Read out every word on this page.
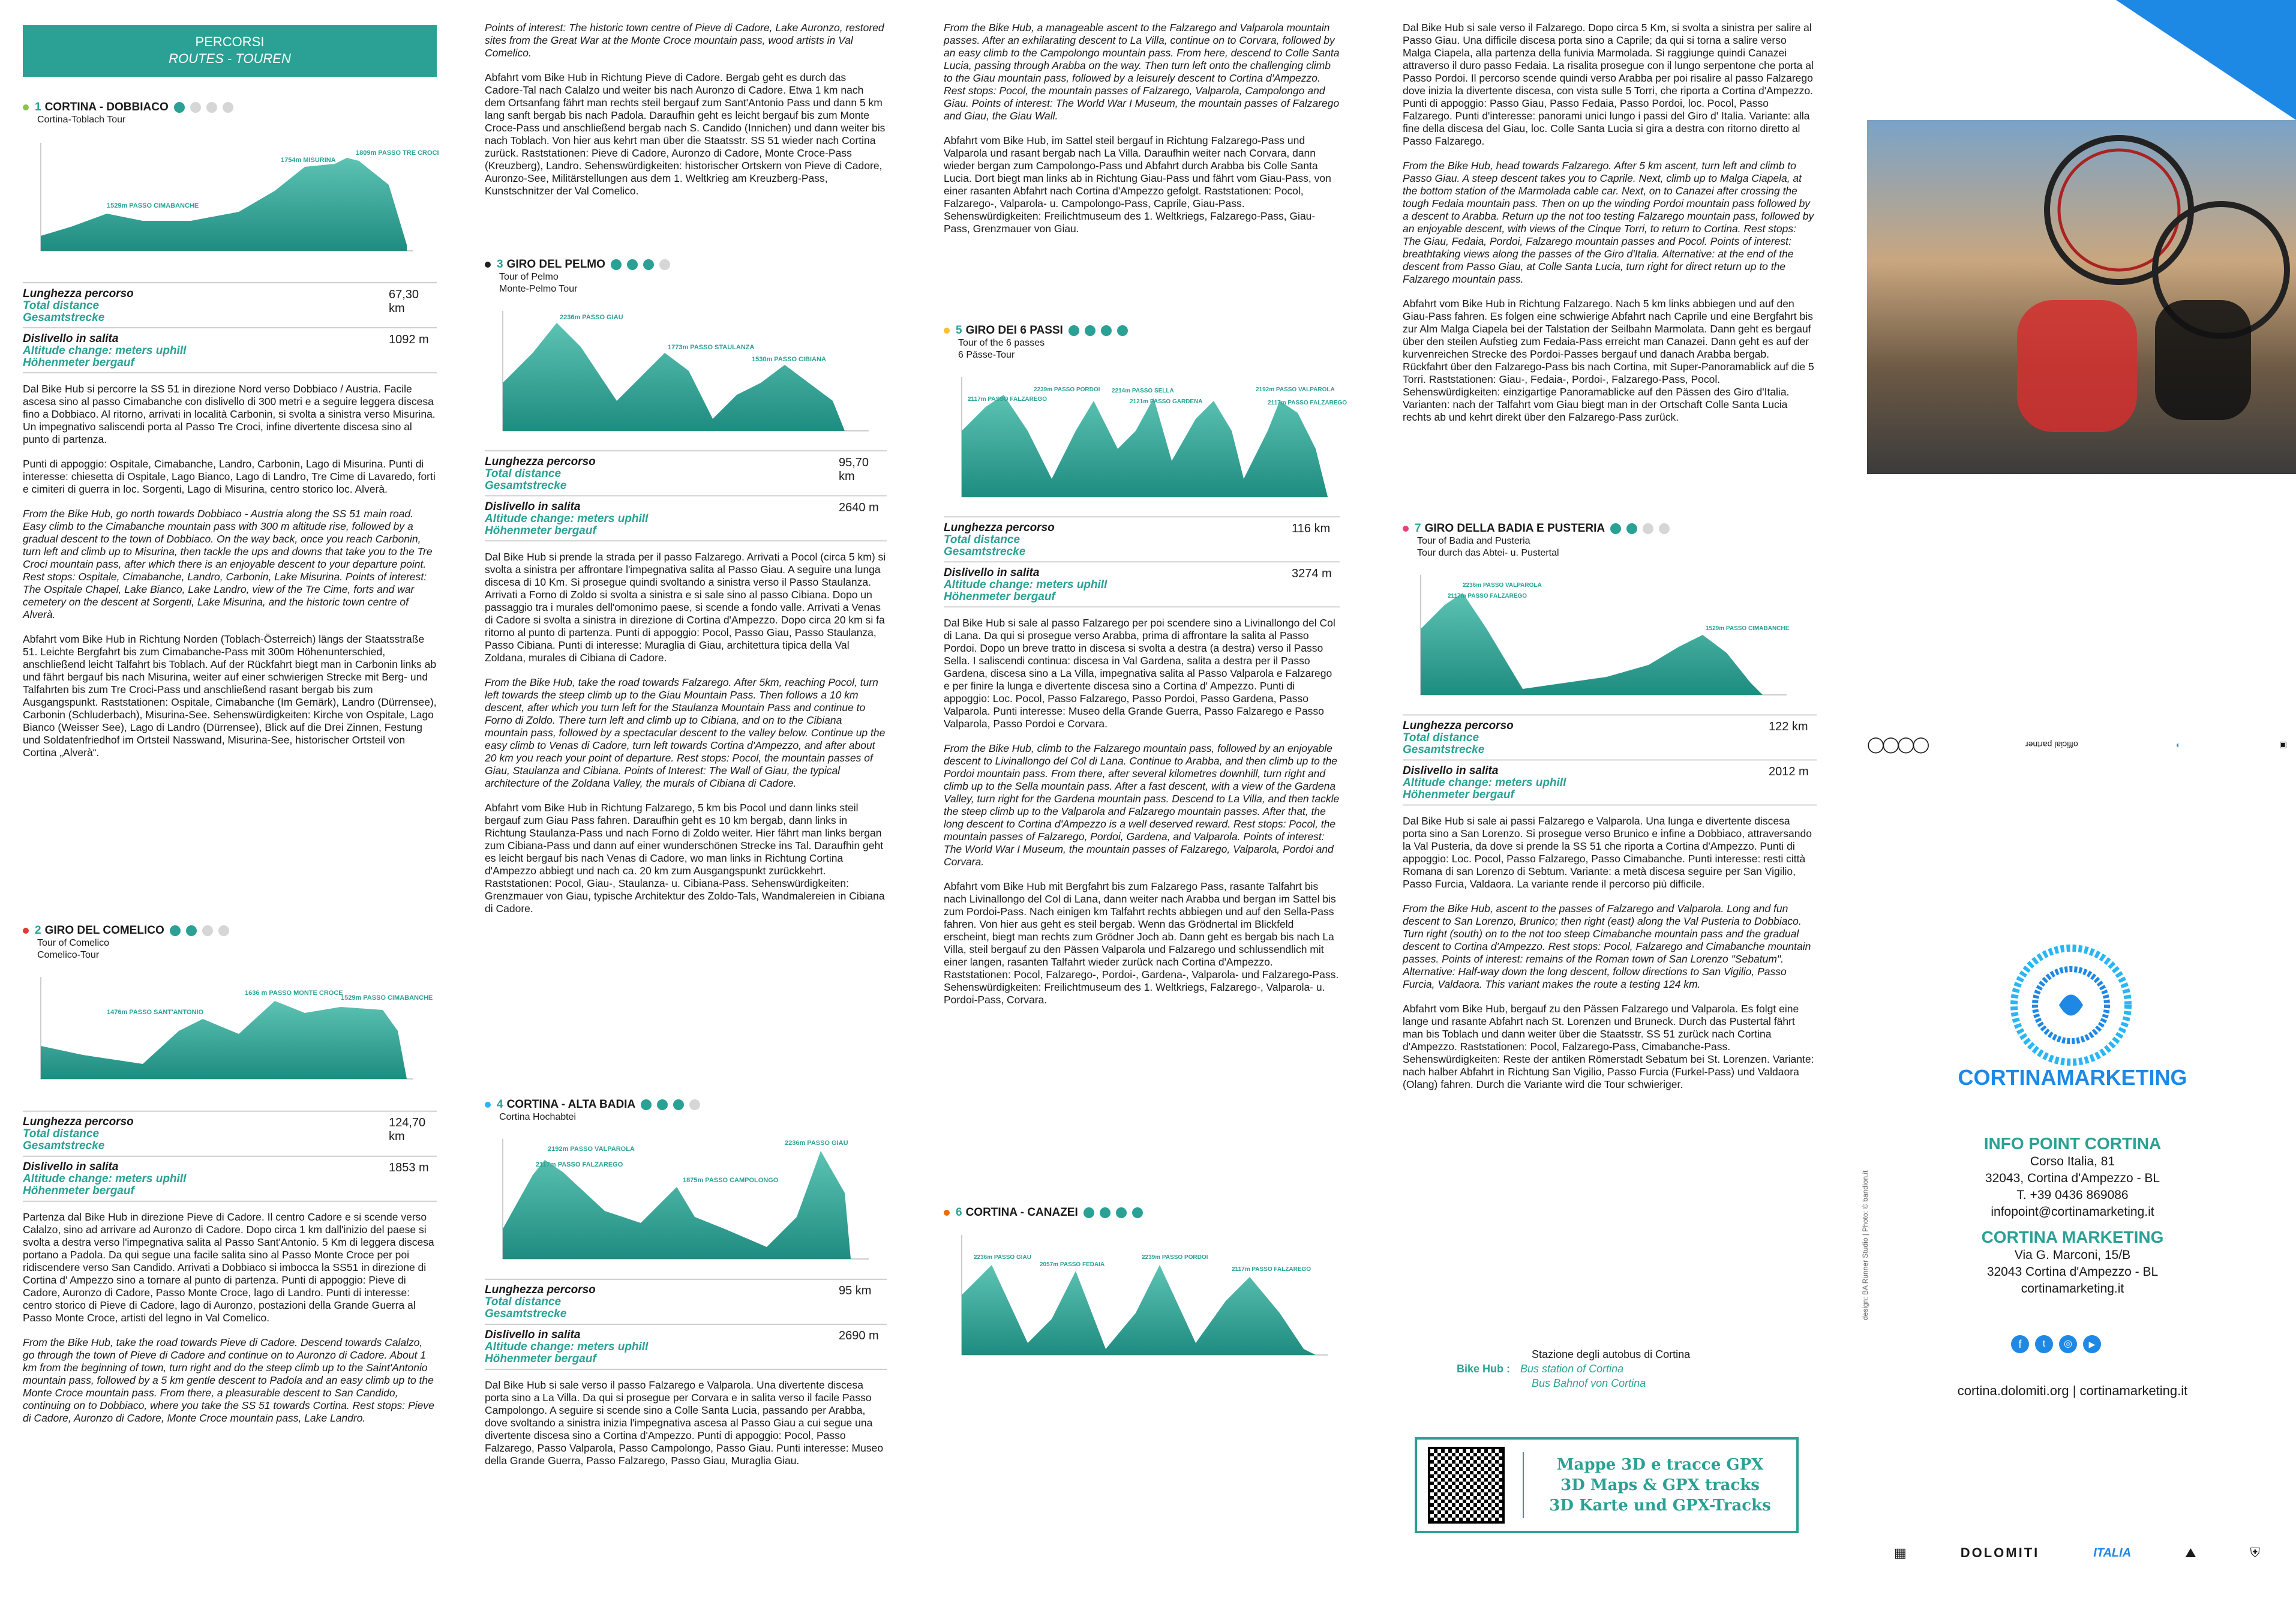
PERCORSI
ROUTES - TOUREN
1 CORTINA - DOBBIACO
Cortina-Toblach Tour
1529m PASSO CIMABANCHE
1754m MISURINA
1809m PASSO TRE CROCI
Lunghezza percorso
Total distance
Gesamtstrecke
67,30 km
Dislivello in salita
Altitude change: meters uphill
Höhenmeter bergauf
1092 m

Dal Bike Hub si percorre la SS 51 in direzione Nord verso Dobbiaco / Austria. Facile ascesa sino al passo Cimabanche con dislivello di 300 metri e a seguire leggera discesa fino a Dobbiaco. Al ritorno, arrivati in località Carbonin, si svolta a sinistra verso Misurina. Un impegnativo saliscendi porta al Passo Tre Croci, infine divertente discesa sino al punto di partenza.

Punti di appoggio: Ospitale, Cimabanche, Landro, Carbonin, Lago di Misurina. Punti di interesse: chiesetta di Ospitale, Lago Bianco, Lago di Landro, Tre Cime di Lavaredo, forti e cimiteri di guerra in loc. Sorgenti, Lago di Misurina, centro storico loc. Alverà.

From the Bike Hub, go north towards Dobbiaco - Austria along the SS 51 main road. Easy climb to the Cimabanche mountain pass with 300 m altitude rise, followed by a gradual descent to the town of Dobbiaco. On the way back, once you reach Carbonin, turn left and climb up to Misurina, then tackle the ups and downs that take you to the Tre Croci mountain pass, after which there is an enjoyable descent to your departure point. Rest stops: Ospitale, Cimabanche, Landro, Carbonin, Lake Misurina. Points of interest: The Ospitale Chapel, Lake Bianco, Lake Landro, view of the Tre Cime, forts and war cemetery on the descent at Sorgenti, Lake Misurina, and the historic town centre of Alverà.

Abfahrt vom Bike Hub in Richtung Norden (Toblach-Österreich) längs der Staatsstraße 51. Leichte Bergfahrt bis zum Cimabanche-Pass mit 300m Höhenunterschied, anschließend leicht Talfahrt bis Toblach. Auf der Rückfahrt biegt man in Carbonin links ab und fährt bergauf bis nach Misurina, weiter auf einer schwierigen Strecke mit Berg- und Talfahrten bis zum Tre Croci-Pass und anschließend rasant bergab bis zum Ausgangspunkt. Raststationen: Ospitale, Cimabanche (Im Gemärk), Landro (Dürrensee), Carbonin (Schluderbach), Misurina-See. Sehenswürdigkeiten: Kirche von Ospitale, Lago Bianco (Weisser See), Lago di Landro (Dürrensee), Blick auf die Drei Zinnen, Festung und Soldatenfriedhof im Ortsteil Nasswand, Misurina-See, historischer Ortsteil von Cortina „Alverà“.

2 GIRO DEL COMELICO
Tour of Comelico
Comelico-Tour
1476m PASSO SANT'ANTONIO
1636 m PASSO MONTE CROCE
1529m PASSO CIMABANCHE
Lunghezza percorso
Total distance
Gesamtstrecke
124,70 km
Dislivello in salita
Altitude change: meters uphill
Höhenmeter bergauf
1853 m

Partenza dal Bike Hub in direzione Pieve di Cadore. Il centro Cadore e si scende verso Calalzo, sino ad arrivare ad Auronzo di Cadore. Dopo circa 1 km dall'inizio del paese si svolta a destra verso l'impegnativa salita al Passo Sant'Antonio. 5 Km di leggera discesa portano a Padola. Da qui segue una facile salita sino al Passo Monte Croce per poi ridiscendere verso San Candido. Arrivati a Dobbiaco si imbocca la SS51 in direzione di Cortina d' Ampezzo sino a tornare al punto di partenza. Punti di appoggio: Pieve di Cadore, Auronzo di Cadore, Passo Monte Croce, lago di Landro. Punti di interesse: centro storico di Pieve di Cadore, lago di Auronzo, postazioni della Grande Guerra al Passo Monte Croce, artisti del legno in Val Comelico.

From the Bike Hub, take the road towards Pieve di Cadore. Descend towards Calalzo, go through the town of Pieve di Cadore and continue on to Auronzo di Cadore. About 1 km from the beginning of town, turn right and do the steep climb up to the Saint'Antonio mountain pass, followed by a 5 km gentle descent to Padola and an easy climb up to the Monte Croce mountain pass. From there, a pleasurable descent to San Candido, continuing on to Dobbiaco, where you take the SS 51 towards Cortina. Rest stops: Pieve di Cadore, Auronzo di Cadore, Monte Croce mountain pass, Lake Landro.

Points of interest: The historic town centre of Pieve di Cadore, Lake Auronzo, restored sites from the Great War at the Monte Croce mountain pass, wood artists in Val Comelico.

Abfahrt vom Bike Hub in Richtung Pieve di Cadore. Bergab geht es durch das Cadore-Tal nach Calalzo und weiter bis nach Auronzo di Cadore. Etwa 1 km nach dem Ortsanfang fährt man rechts steil bergauf zum Sant'Antonio Pass und dann 5 km lang sanft bergab bis nach Padola. Daraufhin geht es leicht bergauf bis zum Monte Croce-Pass und anschließend bergab nach S. Candido (Innichen) und dann weiter bis nach Toblach. Von hier aus kehrt man über die Staatsstr. SS 51 wieder nach Cortina zurück. Raststationen: Pieve di Cadore, Auronzo di Cadore, Monte Croce-Pass (Kreuzberg), Landro. Sehenswürdigkeiten: historischer Ortskern von Pieve di Cadore, Auronzo-See, Militärstellungen aus dem 1. Weltkrieg am Kreuzberg-Pass, Kunstschnitzer der Val Comelico.

3 GIRO DEL PELMO
Tour of Pelmo
Monte-Pelmo Tour
2236m PASSO GIAU
1773m PASSO STAULANZA
1530m PASSO CIBIANA
Lunghezza percorso
Total distance
Gesamtstrecke
95,70 km
Dislivello in salita
Altitude change: meters uphill
Höhenmeter bergauf
2640 m

Dal Bike Hub si prende la strada per il passo Falzarego. Arrivati a Pocol (circa 5 km) si svolta a sinistra per affrontare l'impegnativa salita al Passo Giau. A seguire una lunga discesa di 10 Km. Si prosegue quindi svoltando a sinistra verso il Passo Staulanza. Arrivati a Forno di Zoldo si svolta a sinistra e si sale sino al passo Cibiana. Dopo un passaggio tra i murales dell'omonimo paese, si scende a fondo valle. Arrivati a Venas di Cadore si svolta a sinistra in direzione di Cortina d'Ampezzo. Dopo circa 20 km si fa ritorno al punto di partenza. Punti di appoggio: Pocol, Passo Giau, Passo Staulanza, Passo Cibiana. Punti di interesse: Muraglia di Giau, architettura tipica della Val Zoldana, murales di Cibiana di Cadore.

From the Bike Hub, take the road towards Falzarego. After 5km, reaching Pocol, turn left towards the steep climb up to the Giau Mountain Pass. Then follows a 10 km descent, after which you turn left for the Staulanza Mountain Pass and continue to Forno di Zoldo. There turn left and climb up to Cibiana, and on to the Cibiana mountain pass, followed by a spectacular descent to the valley below. Continue up the easy climb to Venas di Cadore, turn left towards Cortina d'Ampezzo, and after about 20 km you reach your point of departure. Rest stops: Pocol, the mountain passes of Giau, Staulanza and Cibiana. Points of Interest: The Wall of Giau, the typical architecture of the Zoldana Valley, the murals of Cibiana di Cadore.

Abfahrt vom Bike Hub in Richtung Falzarego, 5 km bis Pocol und dann links steil bergauf zum Giau Pass fahren. Daraufhin geht es 10 km bergab, dann links in Richtung Staulanza-Pass und nach Forno di Zoldo weiter. Hier fährt man links bergan zum Cibiana-Pass und dann auf einer wunderschönen Strecke ins Tal. Daraufhin geht es leicht bergauf bis nach Venas di Cadore, wo man links in Richtung Cortina d'Ampezzo abbiegt und nach ca. 20 km zum Ausgangspunkt zurückkehrt. Raststationen: Pocol, Giau-, Staulanza- u. Cibiana-Pass. Sehenswürdigkeiten: Grenzmauer von Giau, typische Architektur des Zoldo-Tals, Wandmalereien in Cibiana di Cadore.

4 CORTINA - ALTA BADIA
Cortina Hochabtei
2192m PASSO VALPAROLA
2117m PASSO FALZAREGO
1875m PASSO CAMPOLONGO
2236m PASSO GIAU
Lunghezza percorso
Total distance
Gesamtstrecke
95 km
Dislivello in salita
Altitude change: meters uphill
Höhenmeter bergauf
2690 m

Dal Bike Hub si sale verso il passo Falzarego e Valparola. Una divertente discesa porta sino a La Villa. Da qui si prosegue per Corvara e in salita verso il facile Passo Campolongo. A seguire si scende sino a Colle Santa Lucia, passando per Arabba, dove svoltando a sinistra inizia l'impegnativa ascesa al Passo Giau a cui segue una divertente discesa sino a Cortina d'Ampezzo. Punti di appoggio: Pocol, Passo Falzarego, Passo Valparola, Passo Campolongo, Passo Giau. Punti interesse: Museo della Grande Guerra, Passo Falzarego, Passo Giau, Muraglia Giau.

From the Bike Hub, a manageable ascent to the Falzarego and Valparola mountain passes. After an exhilarating descent to La Villa, continue on to Corvara, followed by an easy climb to the Campolongo mountain pass. From here, descend to Colle Santa Lucia, passing through Arabba on the way. Then turn left onto the challenging climb to the Giau mountain pass, followed by a leisurely descent to Cortina d'Ampezzo. Rest stops: Pocol, the mountain passes of Falzarego, Valparola, Campolongo and Giau. Points of interest: The World War I Museum, the mountain passes of Falzarego and Giau, the Giau Wall.

Abfahrt vom Bike Hub, im Sattel steil bergauf in Richtung Falzarego-Pass und Valparola und rasant bergab nach La Villa. Daraufhin weiter nach Corvara, dann wieder bergan zum Campolongo-Pass und Abfahrt durch Arabba bis Colle Santa Lucia. Dort biegt man links ab in Richtung Giau-Pass und fährt vom Giau-Pass, von einer rasanten Abfahrt nach Cortina d'Ampezzo gefolgt. Raststationen: Pocol, Falzarego-, Valparola- u. Campolongo-Pass, Caprile, Giau-Pass. Sehenswürdigkeiten: Freilichtmuseum des 1. Weltkriegs, Falzarego-Pass, Giau-Pass, Grenzmauer von Giau.

5 GIRO DEI 6 PASSI
Tour of the 6 passes
6 Pässe-Tour
2117m PASSO FALZAREGO
2239m PASSO PORDOI 2214m PASSO SELLA
2121m PASSO GARDENA
2192m PASSO VALPAROLA
2117m PASSO FALZAREGO
Lunghezza percorso
Total distance
Gesamtstrecke
116 km
Dislivello in salita
Altitude change: meters uphill
Höhenmeter bergauf
3274 m

Dal Bike Hub si sale al passo Falzarego per poi scendere sino a Livinallongo del Col di Lana. Da qui si prosegue verso Arabba, prima di affrontare la salita al Passo Pordoi. Dopo un breve tratto in discesa si svolta a destra (a destra) verso il Passo Sella. I saliscendi continua: discesa in Val Gardena, salita a destra per il Passo Gardena, discesa sino a La Villa, impegnativa salita al Passo Valparola e Falzarego e per finire la lunga e divertente discesa sino a Cortina d' Ampezzo. Punti di appoggio: Loc. Pocol, Passo Falzarego, Passo Pordoi, Passo Gardena, Passo Valparola. Punti interesse: Museo della Grande Guerra, Passo Falzarego e Passo Valparola, Passo Pordoi e Corvara.

From the Bike Hub, climb to the Falzarego mountain pass, followed by an enjoyable descent to Livinallongo del Col di Lana. Continue to Arabba, and then climb up to the Pordoi mountain pass. From there, after several kilometres downhill, turn right and climb up to the Sella mountain pass. After a fast descent, with a view of the Gardena Valley, turn right for the Gardena mountain pass. Descend to La Villa, and then tackle the steep climb up to the Valparola and Falzarego mountain passes. After that, the long descent to Cortina d'Ampezzo is a well deserved reward. Rest stops: Pocol, the mountain passes of Falzarego, Pordoi, Gardena, and Valparola. Points of interest: The World War I Museum, the mountain passes of Falzarego, Valparola, Pordoi and Corvara.

Abfahrt vom Bike Hub mit Bergfahrt bis zum Falzarego Pass, rasante Talfahrt bis nach Livinallongo del Col di Lana, dann weiter nach Arabba und bergan im Sattel bis zum Pordoi-Pass. Nach einigen km Talfahrt rechts abbiegen und auf den Sella-Pass fahren. Von hier aus geht es steil bergab. Wenn das Grödnertal im Blickfeld erscheint, biegt man rechts zum Grödner Joch ab. Dann geht es bergab bis nach La Villa, steil bergauf zu den Pässen Valparola und Falzarego und schlussendlich mit einer langen, rasanten Talfahrt wieder zurück nach Cortina d'Ampezzo. Raststationen: Pocol, Falzarego-, Pordoi-, Gardena-, Valparola- und Falzarego-Pass. Sehenswürdigkeiten: Freilichtmuseum des 1. Weltkriegs, Falzarego-, Valparola- u. Pordoi-Pass, Corvara.

6 CORTINA - CANAZEI
2236m PASSO GIAU
2057m PASSO FEDAIA
2239m PASSO PORDOI
2117m PASSO FALZAREGO

Dal Bike Hub si sale verso il Falzarego. Dopo circa 5 Km, si svolta a sinistra per salire al Passo Giau. Una difficile discesa porta sino a Caprile; da qui si torna a salire verso Malga Ciapela, alla partenza della funivia Marmolada. Si raggiunge quindi Canazei attraverso il duro passo Fedaia. La risalita prosegue con il lungo serpentone che porta al Passo Pordoi. Il percorso scende quindi verso Arabba per poi risalire al passo Falzarego dove inizia la divertente discesa, con vista sulle 5 Torri, che riporta a Cortina d'Ampezzo. Punti di appoggio: Passo Giau, Passo Fedaia, Passo Pordoi, loc. Pocol, Passo Falzarego. Punti d'interesse: panorami unici lungo i passi del Giro d' Italia. Variante: alla fine della discesa del Giau, loc. Colle Santa Lucia si gira a destra con ritorno diretto al Passo Falzarego.

From the Bike Hub, head towards Falzarego. After 5 km ascent, turn left and climb to Passo Giau. A steep descent takes you to Caprile. Next, climb up to Malga Ciapela, at the bottom station of the Marmolada cable car. Next, on to Canazei after crossing the tough Fedaia mountain pass. Then on up the winding Pordoi mountain pass followed by a descent to Arabba. Return up the not too testing Falzarego mountain pass, followed by an enjoyable descent, with views of the Cinque Torri, to return to Cortina. Rest stops: The Giau, Fedaia, Pordoi, Falzarego mountain passes and Pocol. Points of interest: breathtaking views along the passes of the Giro d'Italia. Alternative: at the end of the descent from Passo Giau, at Colle Santa Lucia, turn right for direct return up to the Falzarego mountain pass.

Abfahrt vom Bike Hub in Richtung Falzarego. Nach 5 km links abbiegen und auf den Giau-Pass fahren. Es folgen eine schwierige Abfahrt nach Caprile und eine Bergfahrt bis zur Alm Malga Ciapela bei der Talstation der Seilbahn Marmolata. Dann geht es bergauf über den steilen Aufstieg zum Fedaia-Pass erreicht man Canazei. Dann geht es auf der kurvenreichen Strecke des Pordoi-Passes bergauf und danach Arabba bergab. Rückfahrt über den Falzarego-Pass bis nach Cortina, mit Super-Panoramablick auf die 5 Torri. Raststationen: Giau-, Fedaia-, Pordoi-, Falzarego-Pass, Pocol. Sehenswürdigkeiten: einzigartige Panoramablicke auf den Pässen des Giro d'Italia. Varianten: nach der Talfahrt vom Giau biegt man in der Ortschaft Colle Santa Lucia rechts ab und kehrt direkt über den Falzarego-Pass zurück.

7 GIRO DELLA BADIA E PUSTERIA
Tour of Badia and Pusteria
Tour durch das Abtei- u. Pustertal
2236m PASSO VALPAROLA
2117m PASSO FALZAREGO
1529m PASSO CIMABANCHE
Lunghezza percorso
Total distance
Gesamtstrecke
122 km
Dislivello in salita
Altitude change: meters uphill
Höhenmeter bergauf
2012 m

Dal Bike Hub si sale ai passi Falzarego e Valparola. Una lunga e divertente discesa porta sino a San Lorenzo. Si prosegue verso Brunico e infine a Dobbiaco, attraversando la Val Pusteria, da dove si prende la SS 51 che riporta a Cortina d'Ampezzo. Punti di appoggio: Loc. Pocol, Passo Falzarego, Passo Cimabanche. Punti interesse: resti città Romana di san Lorenzo di Sebtum. Variante: a metà discesa seguire per San Vigilio, Passo Furcia, Valdaora. La variante rende il percorso più difficile.

From the Bike Hub, ascent to the passes of Falzarego and Valparola. Long and fun descent to San Lorenzo, Brunico; then right (east) along the Val Pusteria to Dobbiaco. Turn right (south) on to the not too steep Cimabanche mountain pass and the gradual descent to Cortina d'Ampezzo. Rest stops: Pocol, Falzarego and Cimabanche mountain passes. Points of interest: remains of the Roman town of San Lorenzo "Sebatum". Alternative: Half-way down the long descent, follow directions to San Vigilio, Passo Furcia, Valdaora. This variant makes the route a testing 124 km.

Abfahrt vom Bike Hub, bergauf zu den Pässen Falzarego und Valparola. Es folgt eine lange und rasante Abfahrt nach St. Lorenzen und Bruneck. Durch das Pustertal fährt man bis Toblach und dann weiter über die Staatsstr. SS 51 zurück nach Cortina d'Ampezzo. Raststationen: Pocol, Falzarego-Pass, Cimabanche-Pass. Sehenswürdigkeiten: Reste der antiken Römerstadt Sebatum bei St. Lorenzen. Variante: nach halber Abfahrt in Richtung San Vigilio, Passo Furcia (Furkel-Pass) und Valdaora (Olang) fahren. Durch die Variante wird die Tour schwieriger.

Stazione degli autobus di Cortina
Bike Hub : Bus station of Cortina
Bus Bahnof von Cortina
Mappe 3D e tracce GPX
3D Maps & GPX tracks
3D Karte und GPX-Tracks
ROAD BIKE
MAP
◯◯◯◯	official partner	◐	▣
CORTINAMARKETING
INFO POINT CORTINA
Corso Italia, 81
32043, Cortina d'Ampezzo - BL
T. +39 0436 869086
infopoint@cortinamarketing.it
CORTINA MARKETING
Via G. Marconi, 15/B
32043 Cortina d'Ampezzo - BL
cortinamarketing.it
f	t	◎	▶
cortina.dolomiti.org | cortinamarketing.it
design: BA Runner Studio | Photo: © bandion.it
▦	DOLOMITI	ITALIA	⛰	⛨
